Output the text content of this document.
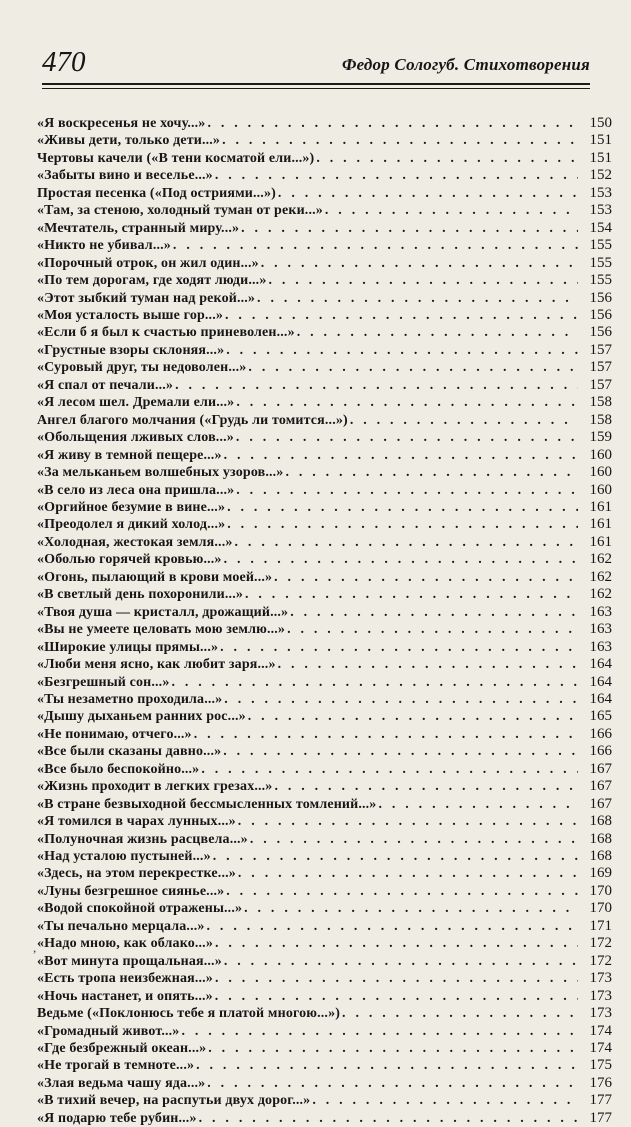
470	Федор Сологуб. Стихотворения
,
«Я воскресенья не хочу...» . . .	150
«Живы дети, только дети...» . . .	151
Чертовы качели («В тени косматой ели...») . . .	151
«Забыты вино и веселье...» . . .	152
Простая песенка («Под остриями...») . . .	153
«Там, за стеною, холодный туман от реки...» . . .	153
«Мечтатель, странный миру...» . . .	154
«Никто не убивал...» . . .	155
«Порочный отрок, он жил один...» . . .	155
«По тем дорогам, где ходят люди...» . . .	155
«Этот зыбкий туман над рекой...» . . .	156
«Моя усталость выше гор...» . . .	156
«Если б я был к счастью приневолен...» . . .	156
«Грустные взоры склоняя...» . . .	157
«Суровый друг, ты недоволен...» . . .	157
«Я спал от печали...» . . .	157
«Я лесом шел. Дремали ели...» . . .	158
Ангел благого молчания («Грудь ли томится...») . . .	158
«Обольщения лживых слов...» . . .	159
«Я живу в темной пещере...» . . .	160
«За мельканьем волшебных узоров...» . . .	160
«В село из леса она пришла...» . . .	160
«Оргийное безумие в вине...» . . .	161
«Преодолел я дикий холод...» . . .	161
«Холодная, жестокая земля...» . . .	161
«Оболью горячей кровью...» . . .	162
«Огонь, пылающий в крови моей...» . . .	162
«В светлый день похоронили...» . . .	162
«Твоя душа — кристалл, дрожащий...» . . .	163
«Вы не умеете целовать мою землю...» . . .	163
«Широкие улицы прямы...» . . .	163
«Люби меня ясно, как любит заря...» . . .	164
«Безгрешный сон...» . . .	164
«Ты незаметно проходила...» . . .	164
«Дышу дыханьем ранних рос...» . . .	165
«Не понимаю, отчего...» . . .	166
«Все были сказаны давно...» . . .	166
«Все было беспокойно...» . . .	167
«Жизнь проходит в легких грезах...» . . .	167
«В стране безвыходной бессмысленных томлений...» . . .	167
«Я томился в чарах лунных...» . . .	168
«Полуночная жизнь расцвела...» . . .	168
«Над усталою пустыней...» . . .	168
«Здесь, на этом перекрестке...» . . .	169
«Луны безгрешное сиянье...» . . .	170
«Водой спокойной отражены...» . . .	170
«Ты печально мерцала...» . . .	171
«Надо мною, как облако...» . . .	172
«Вот минута прощальная...» . . .	172
«Есть тропа неизбежная...» . . .	173
«Ночь настанет, и опять...» . . .	173
Ведьме («Поклонюсь тебе я платой многою...») . . .	173
«Громадный живот...» . . .	174
«Где безбрежный океан...» . . .	174
«Не трогай в темноте...» . . .	175
«Злая ведьма чашу яда...» . . .	176
«В тихий вечер, на распутьи двух дорог...» . . .	177
«Я подарю тебе рубин...» . . .	177
